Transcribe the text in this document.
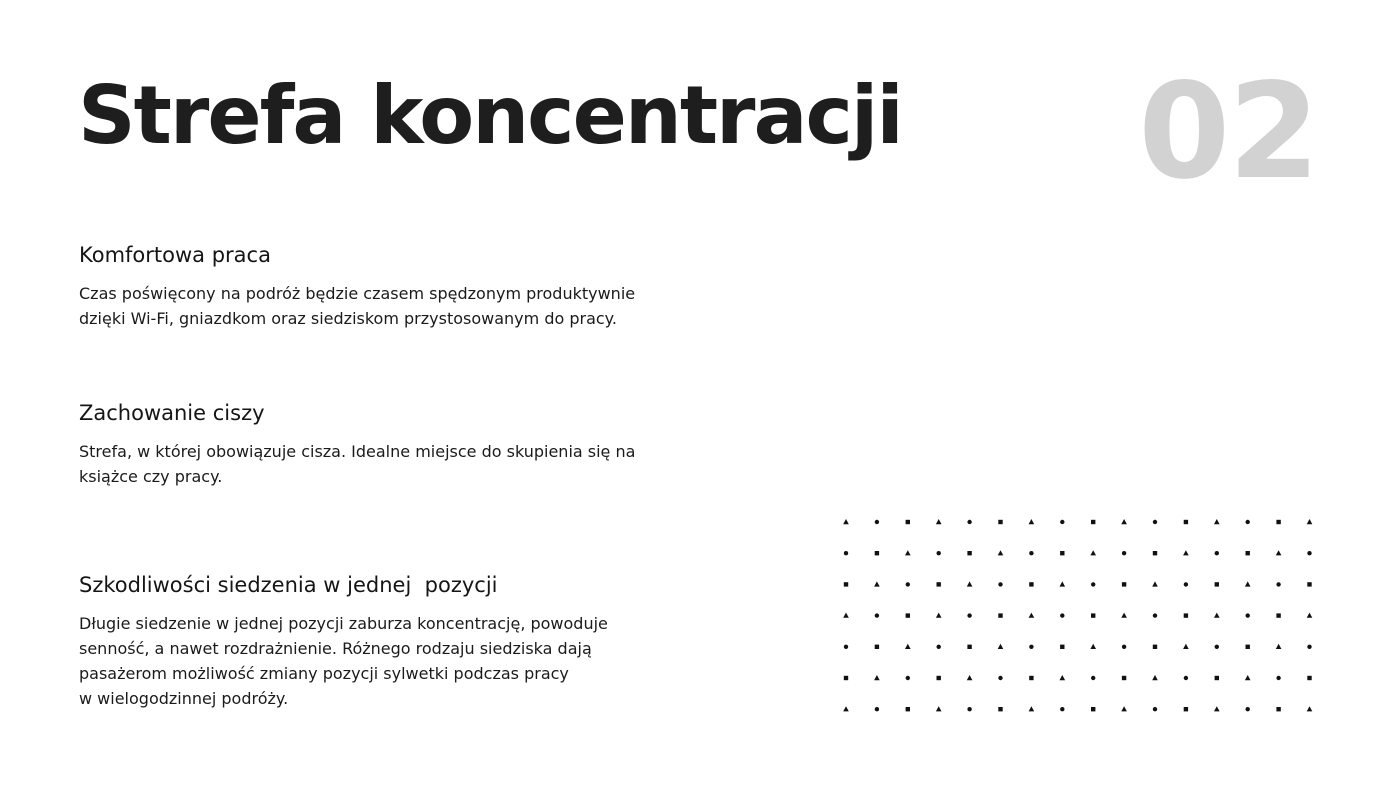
Strefa koncentracji 02
Komfortowa praca

Czas poświęcony na podróż będzie czasem spędzonym produktywnie
dzięki Wi-Fi, gniazdkom oraz siedziskom przystosowanym do pracy.

Zachowanie ciszy

Strefa, w której obowiązuje cisza. Idealne miejsce do skupienia się na
książce czy pracy.

Szkodliwości siedzenia w jednej  pozycji

Długie siedzenie w jednej pozycji zaburza koncentrację, powoduje
senność, a nawet rozdrażnienie. Różnego rodzaju siedziska dają
pasażerom możliwość zmiany pozycji sylwetki podczas pracy
w wielogodzinnej podróży.
